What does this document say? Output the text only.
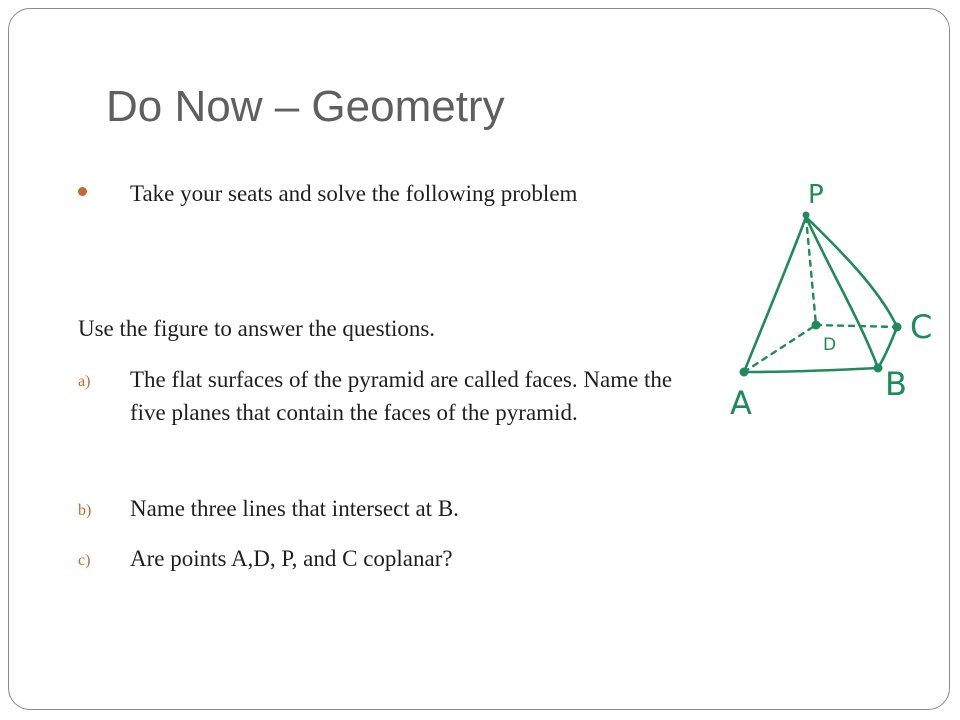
Do Now – Geometry
Take your seats and solve the following problem
Use the figure to answer the questions.
a) The flat surfaces of the pyramid are called faces. Name the five planes that contain the faces of the pyramid.
b) Name three lines that intersect at B.
c) Are points A,D, P, and C coplanar?
P
C
D
B
A
